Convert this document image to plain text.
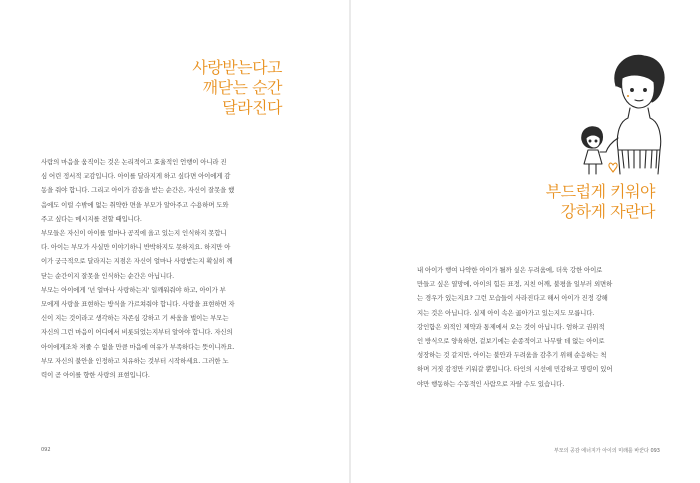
사랑받는다고
깨닫는 순간
달라진다

사람의 마음을 움직이는 것은 논리적이고 효율적인 언행이 아니라 진

심 어린 정서적 교감입니다. 아이를 달라지게 하고 싶다면 아이에게 감

동을 줘야 합니다. 그리고 아이가 감동을 받는 순간은, 자신이 잘못을 했

음에도 이럴 수밖에 없는 취약한 면을 부모가 알아주고 수용하며 도와

주고 싶다는 메시지를 전할 때입니다.

부모들은 자신이 아이를 얼마나 공직에 올고 있는지 인식하지 못합니

다. 아이는 부모가 사실만 이야기하니 반박하지도 못하지요. 하지만 아

이가 궁극적으로 달라지는 지점은 자신이 얼마나 사랑받는지 확실히 깨

닫는 순간이지 잘못을 인식하는 순간은 아닙니다.

부모는 아이에게 '넌 얼마나 사랑하는지' 일깨워줘야 하고, 아이가 부

모에게 사랑을 표현하는 방식을 가르쳐줘야 합니다. 사랑을 표현하면 자

신이 지는 것이라고 생각하는 자존심 강하고 기 싸움을 벌이는 부모는

자신의 그런 마음이 어디에서 비롯되었는지부터 알아야 합니다. 자신의

아이에게조차 져줄 수 없을 만큼 마음에 여유가 부족하다는 뜻이니까요.

부모 자신의 불안을 인정하고 치유하는 것부터 시작하세요. 그러한 노

력이 곧 아이를 향한 사랑의 표현입니다.

092
부드럽게 키워야
강하게 자란다

내 아이가 행여 나약한 아이가 될까 싶은 두려움에, 더욱 강한 아이로

만들고 싶은 열망에, 아이의 힘든 표정, 지친 어깨, 불평을 일부러 외면하

는 경우가 있는지요? 그런 모습들이 사라진다고 해서 아이가 진정 강해

지는 것은 아닙니다. 실제 아이 속은 곪아가고 있는지도 모릅니다.

강인함은 외적인 제약과 통제에서 오는 것이 아닙니다. 엄하고 권위적

인 방식으로 양육하면, 겉보기에는 순종적이고 나무랄 데 없는 아이로

성장하는 것 같지만, 아이는 불안과 두려움을 감추기 위해 순응하는 척

하며 거짓 감정만 키워갈 뿐입니다. 타인의 시선에 민감하고 명령이 있어

야만 행동하는 수동적인 사람으로 자랄 수도 있습니다.

부모의 공감 에너지가 아이의 미래를 바꾼다 093
